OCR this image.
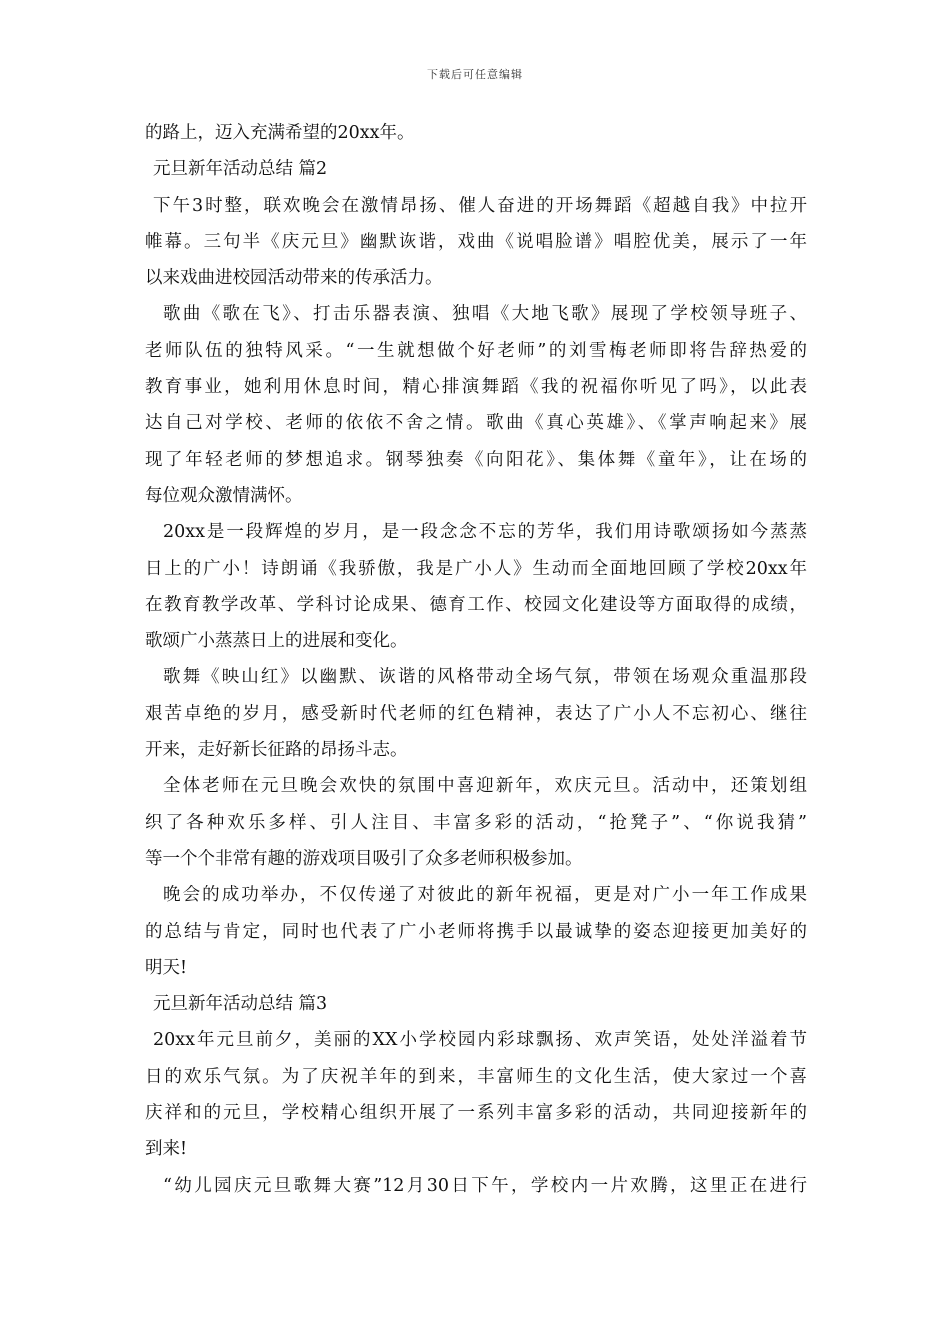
下载后可任意编辑
的路上，迈入充满希望的20xx年。
元旦新年活动总结 篇2
下午3时整，联欢晚会在激情昂扬、催人奋进的开场舞蹈《超越自我》中拉开
帷幕。三句半《庆元旦》幽默诙谐，戏曲《说唱脸谱》唱腔优美，展示了一年
以来戏曲进校园活动带来的传承活力。
歌曲《歌在飞》、打击乐器表演、独唱《大地飞歌》展现了学校领导班子、
老师队伍的独特风采。“一生就想做个好老师”的刘雪梅老师即将告辞热爱的
教育事业，她利用休息时间，精心排演舞蹈《我的祝福你听见了吗》，以此表
达自己对学校、老师的依依不舍之情。歌曲《真心英雄》、《掌声响起来》展
现了年轻老师的梦想追求。钢琴独奏《向阳花》、集体舞《童年》，让在场的
每位观众激情满怀。
20xx是一段辉煌的岁月，是一段念念不忘的芳华，我们用诗歌颂扬如今蒸蒸
日上的广小！诗朗诵《我骄傲，我是广小人》生动而全面地回顾了学校20xx年
在教育教学改革、学科讨论成果、德育工作、校园文化建设等方面取得的成绩，
歌颂广小蒸蒸日上的进展和变化。
歌舞《映山红》以幽默、诙谐的风格带动全场气氛，带领在场观众重温那段
艰苦卓绝的岁月，感受新时代老师的红色精神，表达了广小人不忘初心、继往
开来，走好新长征路的昂扬斗志。
全体老师在元旦晚会欢快的氛围中喜迎新年，欢庆元旦。活动中，还策划组
织了各种欢乐多样、引人注目、丰富多彩的活动，“抢凳子”、“你说我猜”
等一个个非常有趣的游戏项目吸引了众多老师积极参加。
晚会的成功举办，不仅传递了对彼此的新年祝福，更是对广小一年工作成果
的总结与肯定，同时也代表了广小老师将携手以最诚挚的姿态迎接更加美好的
明天!
元旦新年活动总结 篇3
20xx年元旦前夕，美丽的XX小学校园内彩球飘扬、欢声笑语，处处洋溢着节
日的欢乐气氛。为了庆祝羊年的到来，丰富师生的文化生活，使大家过一个喜
庆祥和的元旦，学校精心组织开展了一系列丰富多彩的活动，共同迎接新年的
到来!
“幼儿园庆元旦歌舞大赛”12月30日下午，学校内一片欢腾，这里正在进行
